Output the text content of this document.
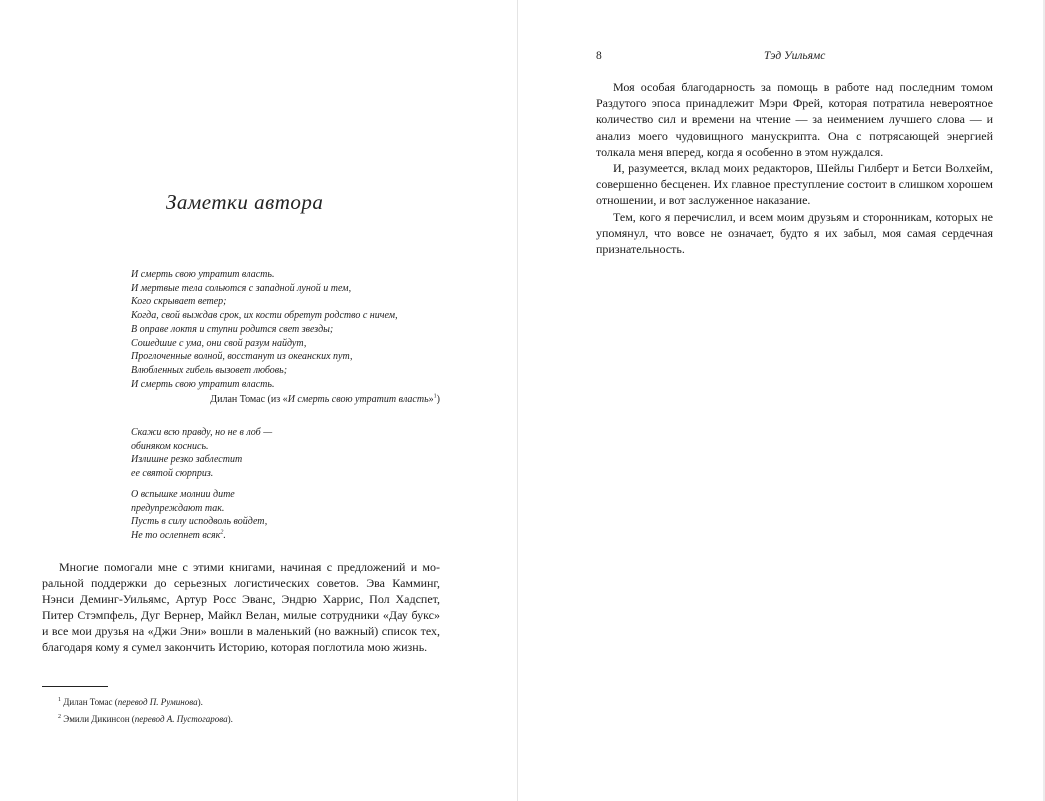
Заметки автора
И смерть свою утратит власть.
И мертвые тела сольются с западной луной и тем,
Кого скрывает ветер;
Когда, свой выждав срок, их кости обретут родство с ничем,
В оправе локтя и ступни родится свет звезды;
Сошедшие с ума, они свой разум найдут,
Проглоченные волной, восстанут из океанских пут,
Влюбленных гибель вызовет любовь;
И смерть свою утратит власть.
Дилан Томас (из «И смерть свою утратит власть»$^1$)
Скажи всю правду, но не в лоб —
обиняком коснись.
Излишне резко заблестит
ее святой сюрприз.
О вспышке молнии дите
предупреждают так.
Пусть в силу исподволь войдет,
Не то ослепнет всяк$^2$.

Многие помогали мне с этими книгами, начиная с предложений и моральной поддержки до серьезных логистических советов. Эва Камминг, Нэнси Деминг-Уильямс, Артур Росс Эванс, Эндрю Харрис, Пол Хадспет, Питер Стэмпфель, Дуг Вернер, Майкл Велан, милые сотрудники «Дау букс» и все мои друзья на «Джи Эни» вошли в маленький (но важный) список тех, благодаря кому я сумел закончить Историю, которая поглотила мою жизнь.

$^1$ Дилан Томас (перевод П. Руминова).
$^2$ Эмили Дикинсон (перевод А. Пустогарова).
8	Тэд Уильямс

Моя особая благодарность за помощь в работе над последним томом Раздутого эпоса принадлежит Мэри Фрей, которая потратила невероятное количество сил и времени на чтение — за неимением лучшего слова — и анализ моего чудовищного манускрипта. Она с потрясающей энергией толкала меня вперед, когда я особенно в этом нуждался.

И, разумеется, вклад моих редакторов, Шейлы Гилберт и Бетси Волхейм, совершенно бесценен. Их главное преступление состоит в слишком хорошем отношении, и вот заслуженное наказание.

Тем, кого я перечислил, и всем моим друзьям и сторонникам, которых не упомянул, что вовсе не означает, будто я их забыл, моя самая сердечная признательность.
